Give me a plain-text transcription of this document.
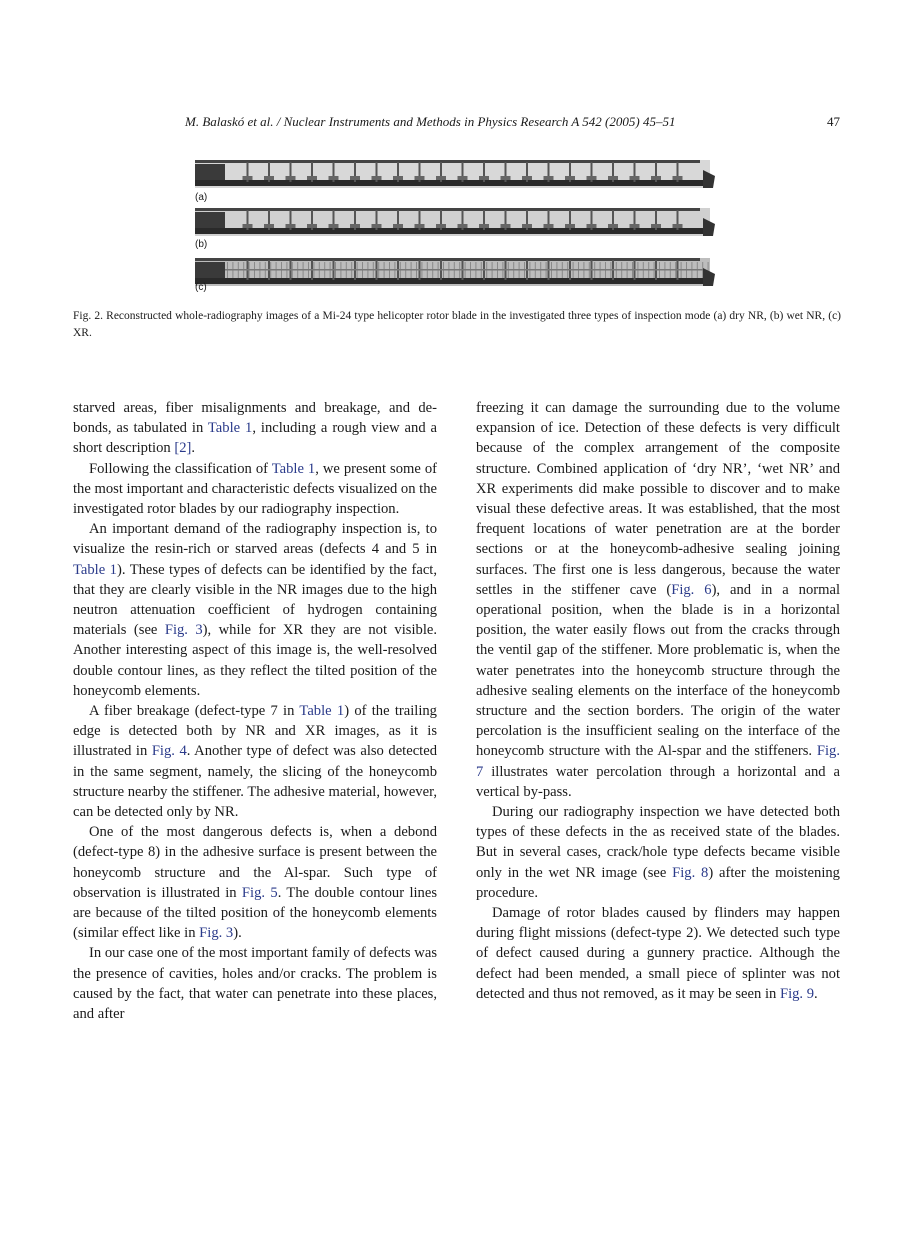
M. Balaskó et al. / Nuclear Instruments and Methods in Physics Research A 542 (2005) 45–51	47
(a)
(b)
(c)
Fig. 2. Reconstructed whole-radiography images of a Mi-24 type helicopter rotor blade in the investigated three types of inspection mode (a) dry NR, (b) wet NR, (c) XR.

starved areas, fiber misalignments and breakage, and de-bonds, as tabulated in Table 1, including a rough view and a short description [2].

Following the classification of Table 1, we present some of the most important and characteristic defects visualized on the investigated rotor blades by our radiography inspection.

An important demand of the radiography inspection is, to visualize the resin-rich or starved areas (defects 4 and 5 in Table 1). These types of defects can be identified by the fact, that they are clearly visible in the NR images due to the high neutron attenuation coefficient of hydrogen containing materials (see Fig. 3), while for XR they are not visible. Another interesting aspect of this image is, the well-resolved double contour lines, as they reflect the tilted position of the honeycomb elements.

A fiber breakage (defect-type 7 in Table 1) of the trailing edge is detected both by NR and XR images, as it is illustrated in Fig. 4. Another type of defect was also detected in the same segment, namely, the slicing of the honeycomb structure nearby the stiffener. The adhesive material, however, can be detected only by NR.

One of the most dangerous defects is, when a debond (defect-type 8) in the adhesive surface is present between the honeycomb structure and the Al-spar. Such type of observation is illustrated in Fig. 5. The double contour lines are because of the tilted position of the honeycomb elements (similar effect like in Fig. 3).

In our case one of the most important family of defects was the presence of cavities, holes and/or cracks. The problem is caused by the fact, that water can penetrate into these places, and after

freezing it can damage the surrounding due to the volume expansion of ice. Detection of these defects is very difficult because of the complex arrangement of the composite structure. Combined application of ‘dry NR’, ‘wet NR’ and XR experiments did make possible to discover and to make visual these defective areas. It was established, that the most frequent locations of water penetration are at the border sections or at the honeycomb-adhesive sealing joining surfaces. The first one is less dangerous, because the water settles in the stiffener cave (Fig. 6), and in a normal operational position, when the blade is in a horizontal position, the water easily flows out from the cracks through the ventil gap of the stiffener. More problematic is, when the water penetrates into the honeycomb structure through the adhesive sealing elements on the interface of the honeycomb structure and the section borders. The origin of the water percolation is the insufficient sealing on the interface of the honeycomb structure with the Al-spar and the stiffeners. Fig. 7 illustrates water percolation through a horizontal and a vertical by-pass.

During our radiography inspection we have detected both types of these defects in the as received state of the blades. But in several cases, crack/hole type defects became visible only in the wet NR image (see Fig. 8) after the moistening procedure.

Damage of rotor blades caused by flinders may happen during flight missions (defect-type 2). We detected such type of defect caused during a gunnery practice. Although the defect had been mended, a small piece of splinter was not detected and thus not removed, as it may be seen in Fig. 9.
